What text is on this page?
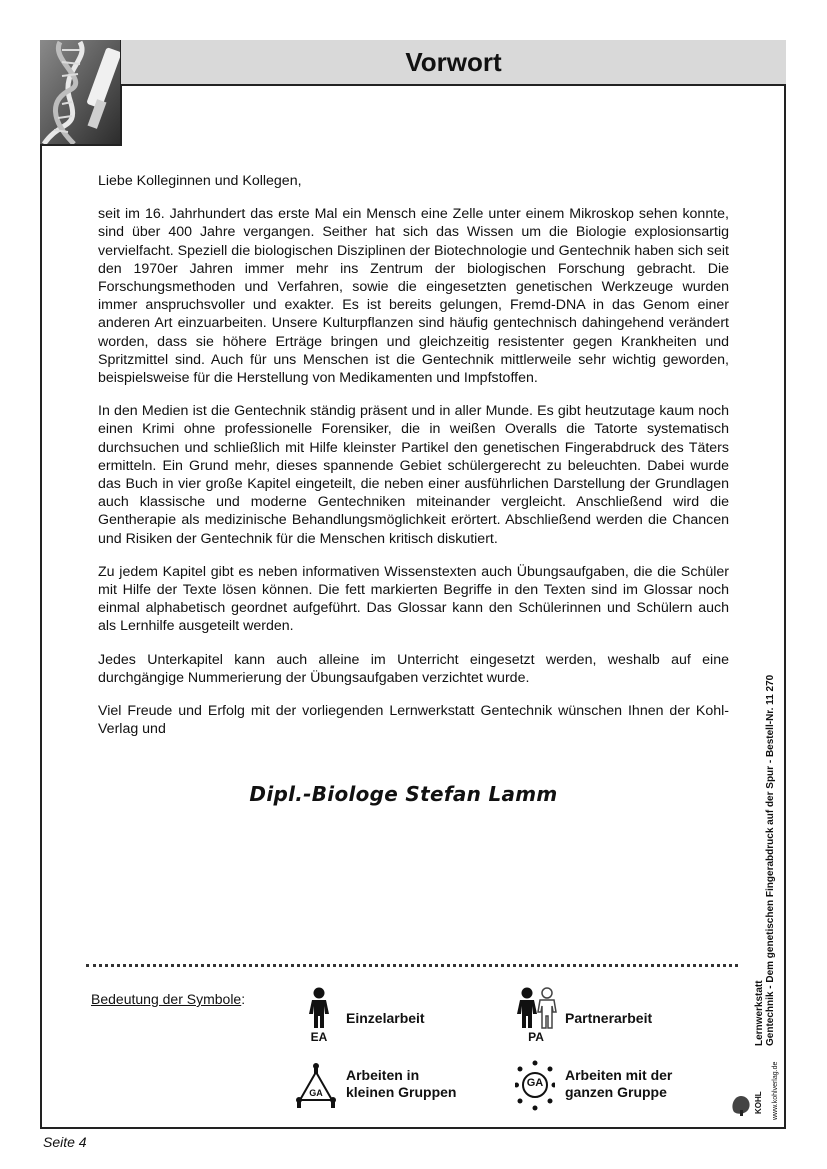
Vorwort

Liebe Kolleginnen und Kollegen,

seit im 16. Jahrhundert das erste Mal ein Mensch eine Zelle unter einem Mikroskop sehen konnte, sind über 400 Jahre vergangen. Seither hat sich das Wissen um die Biologie explosionsartig vervielfacht. Speziell die biologischen Disziplinen der Biotechnologie und Gentechnik haben sich seit den 1970er Jahren immer mehr ins Zentrum der biologischen Forschung gebracht. Die Forschungsmethoden und Verfahren, sowie die eingesetzten genetischen Werkzeuge wurden immer anspruchsvoller und exakter. Es ist bereits gelungen, Fremd-DNA in das Genom einer anderen Art einzuarbeiten. Unsere Kulturpflanzen sind häufig gentechnisch dahingehend verändert worden, dass sie höhere Erträge bringen und gleichzeitig resistenter gegen Krankheiten und Spritzmittel sind. Auch für uns Menschen ist die Gentechnik mittlerweile sehr wichtig geworden, beispielsweise für die Herstellung von Medikamenten und Impfstoffen.

In den Medien ist die Gentechnik ständig präsent und in aller Munde. Es gibt heutzutage kaum noch einen Krimi ohne professionelle Forensiker, die in weißen Overalls die Tatorte systematisch durchsuchen und schließlich mit Hilfe kleinster Partikel den genetischen Fingerabdruck des Täters ermitteln. Ein Grund mehr, dieses spannende Gebiet schülergerecht zu beleuchten. Dabei wurde das Buch in vier große Kapitel eingeteilt, die neben einer ausführlichen Darstellung der Grundlagen auch klassische und moderne Gentechniken miteinander vergleicht. Anschließend wird die Gentherapie als medizinische Behandlungsmöglichkeit erörtert. Abschließend werden die Chancen und Risiken der Gentechnik für die Menschen kritisch diskutiert.

Zu jedem Kapitel gibt es neben informativen Wissenstexten auch Übungsaufgaben, die die Schüler mit Hilfe der Texte lösen können. Die fett markierten Begriffe in den Texten sind im Glossar noch einmal alphabetisch geordnet aufgeführt. Das Glossar kann den Schülerinnen und Schülern auch als Lernhilfe ausgeteilt werden.

Jedes Unterkapitel kann auch alleine im Unterricht eingesetzt werden, weshalb auf eine durchgängige Nummerierung der Übungsaufgaben verzichtet wurde.

Viel Freude und Erfolg mit der vorliegenden Lernwerkstatt Gentechnik wünschen Ihnen der Kohl-Verlag und

Dipl.-Biologe Stefan Lamm
Bedeutung der Symbole:
EA
Einzelarbeit
PA
Partnerarbeit
GA
Arbeiten in
kleinen Gruppen
GA	Arbeiten mit der
ganzen Gruppe
Gentechnik - Dem genetischen Fingerabdruck auf der Spur - Bestell-Nr. 11 270
Lernwerkstatt
KOHL www.kohlverlag.de
Seite 4
